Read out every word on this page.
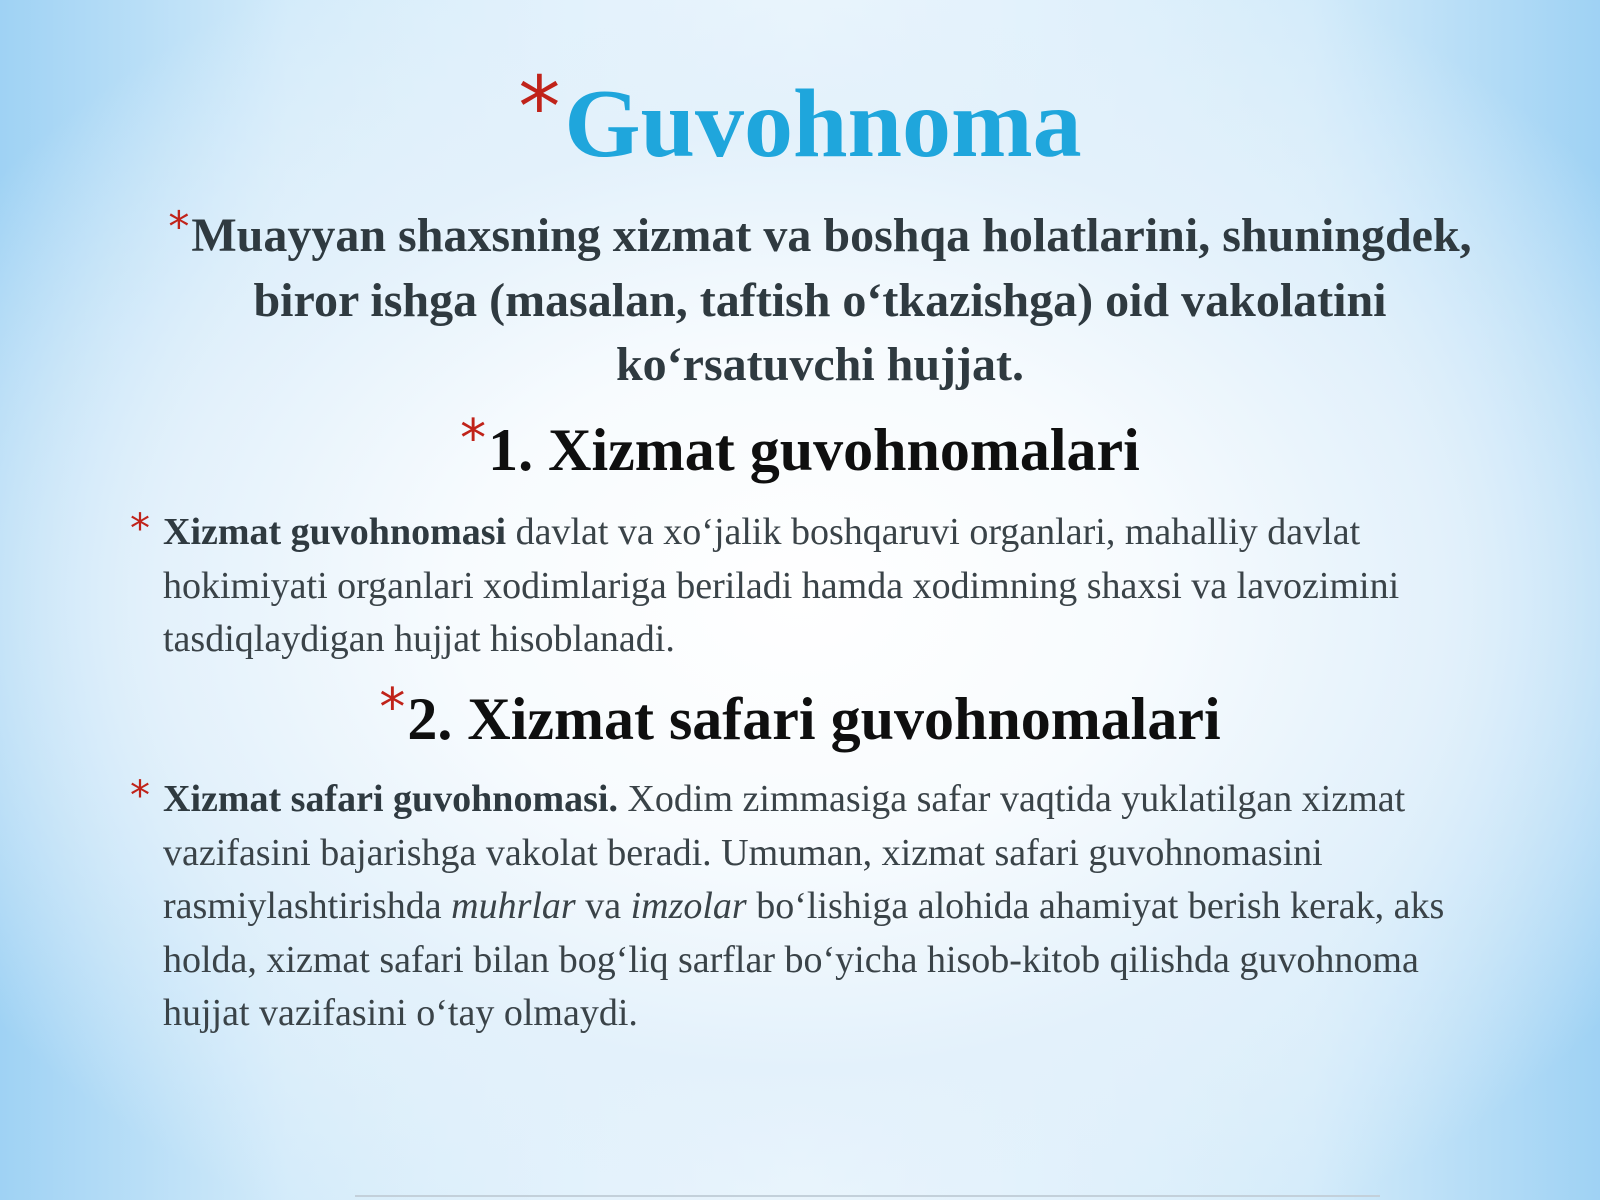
*Guvohnoma
*Muayyan shaxsning xizmat va boshqa holatlarini, shuningdek, biror ishga (masalan, taftish o‘tkazishga) oid vakolatini ko‘rsatuvchi hujjat.
*1. Xizmat guvohnomalari
* Xizmat guvohnomasi davlat va xo‘jalik boshqaruvi organlari, mahalliy davlat hokimiyati organlari xodimlariga beriladi hamda xodimning shaxsi va lavozimini tasdiqlaydigan hujjat hisoblanadi.
*2. Xizmat safari guvohnomalari
* Xizmat safari guvohnomasi. Xodim zimmasiga safar vaqtida yuklatilgan xizmat vazifasini bajarishga vakolat beradi. Umuman, xizmat safari guvohnomasini rasmiylashtirishda muhrlar va imzolar bo‘lishiga alohida ahamiyat berish kerak, aks holda, xizmat safari bilan bog‘liq sarflar bo‘yicha hisob-kitob qilishda guvohnoma hujjat vazifasini o‘tay olmaydi.
